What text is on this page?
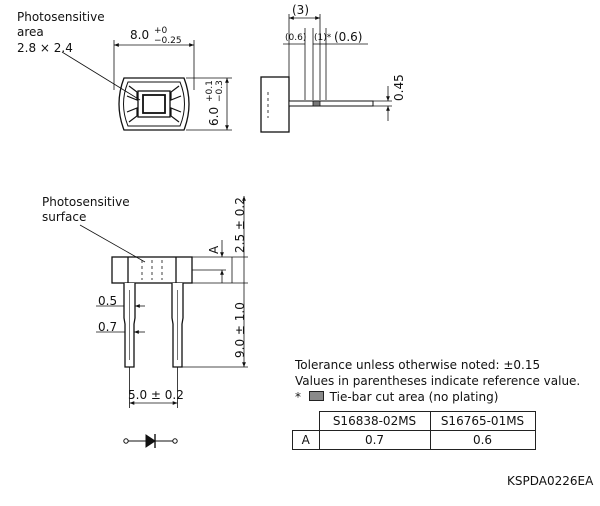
Photosensitive
area
2.8 × 2.4
8.0 +0
−0.25
6.0
+0.1 −0.3
(3)
(0.6) (1)* (0.6)
0.45
Photosensitive
surface
A 2.5 ± 0.2
9.0 ± 1.0
0.5
0.7
5.0 ± 0.2
Tolerance unless otherwise noted: ±0.15
Values in parentheses indicate reference value.
* Tie-bar cut area (no plating)
	S16838-02MS	S16765-01MS
A	0.7	0.6
KSPDA0226EA
